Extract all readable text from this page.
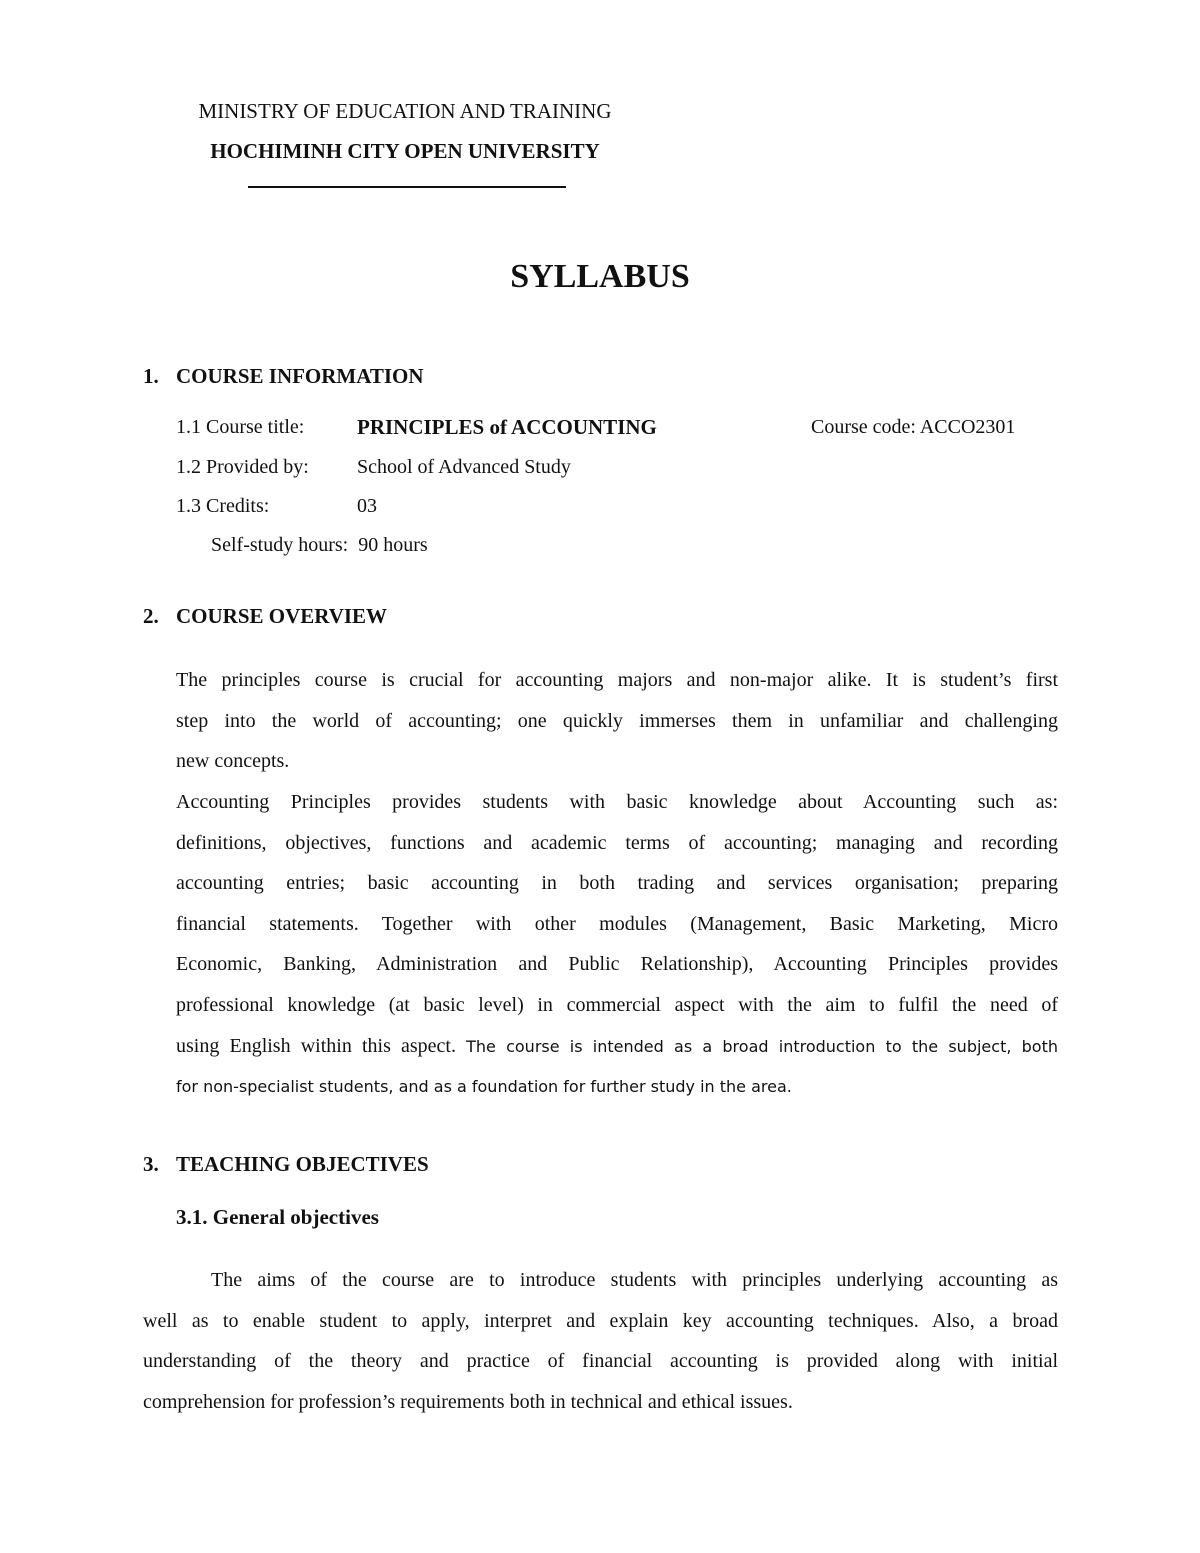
MINISTRY OF EDUCATION AND TRAINING
HOCHIMINH CITY OPEN UNIVERSITY
SYLLABUS
1. COURSE INFORMATION
1.1 Course title:	PRINCIPLES of ACCOUNTING	Course code: ACCO2301
1.2 Provided by: School of Advanced Study
1.3 Credits:	03
Self-study hours:  90 hours
2. COURSE OVERVIEW
The principles course is crucial for accounting majors and non-major alike. It is student’s first
step into the world of accounting; one quickly immerses them in unfamiliar and challenging
new concepts.
Accounting Principles provides students with basic knowledge about Accounting such as:
definitions, objectives, functions and academic terms of accounting; managing and recording
accounting entries; basic accounting in both trading and services organisation; preparing
financial statements. Together with other modules (Management, Basic Marketing, Micro
Economic, Banking, Administration and Public Relationship), Accounting Principles provides
professional knowledge (at basic level) in commercial aspect with the aim to fulfil the need of
using English within this aspect. The course is intended as a broad introduction to the subject, both
for non-specialist students, and as a foundation for further study in the area.
3. TEACHING OBJECTIVES
3.1. General objectives
The aims of the course are to introduce students with principles underlying accounting as
well as to enable student to apply, interpret and explain key accounting techniques. Also, a broad
understanding of the theory and practice of financial accounting is provided along with initial
comprehension for profession’s requirements both in technical and ethical issues.
